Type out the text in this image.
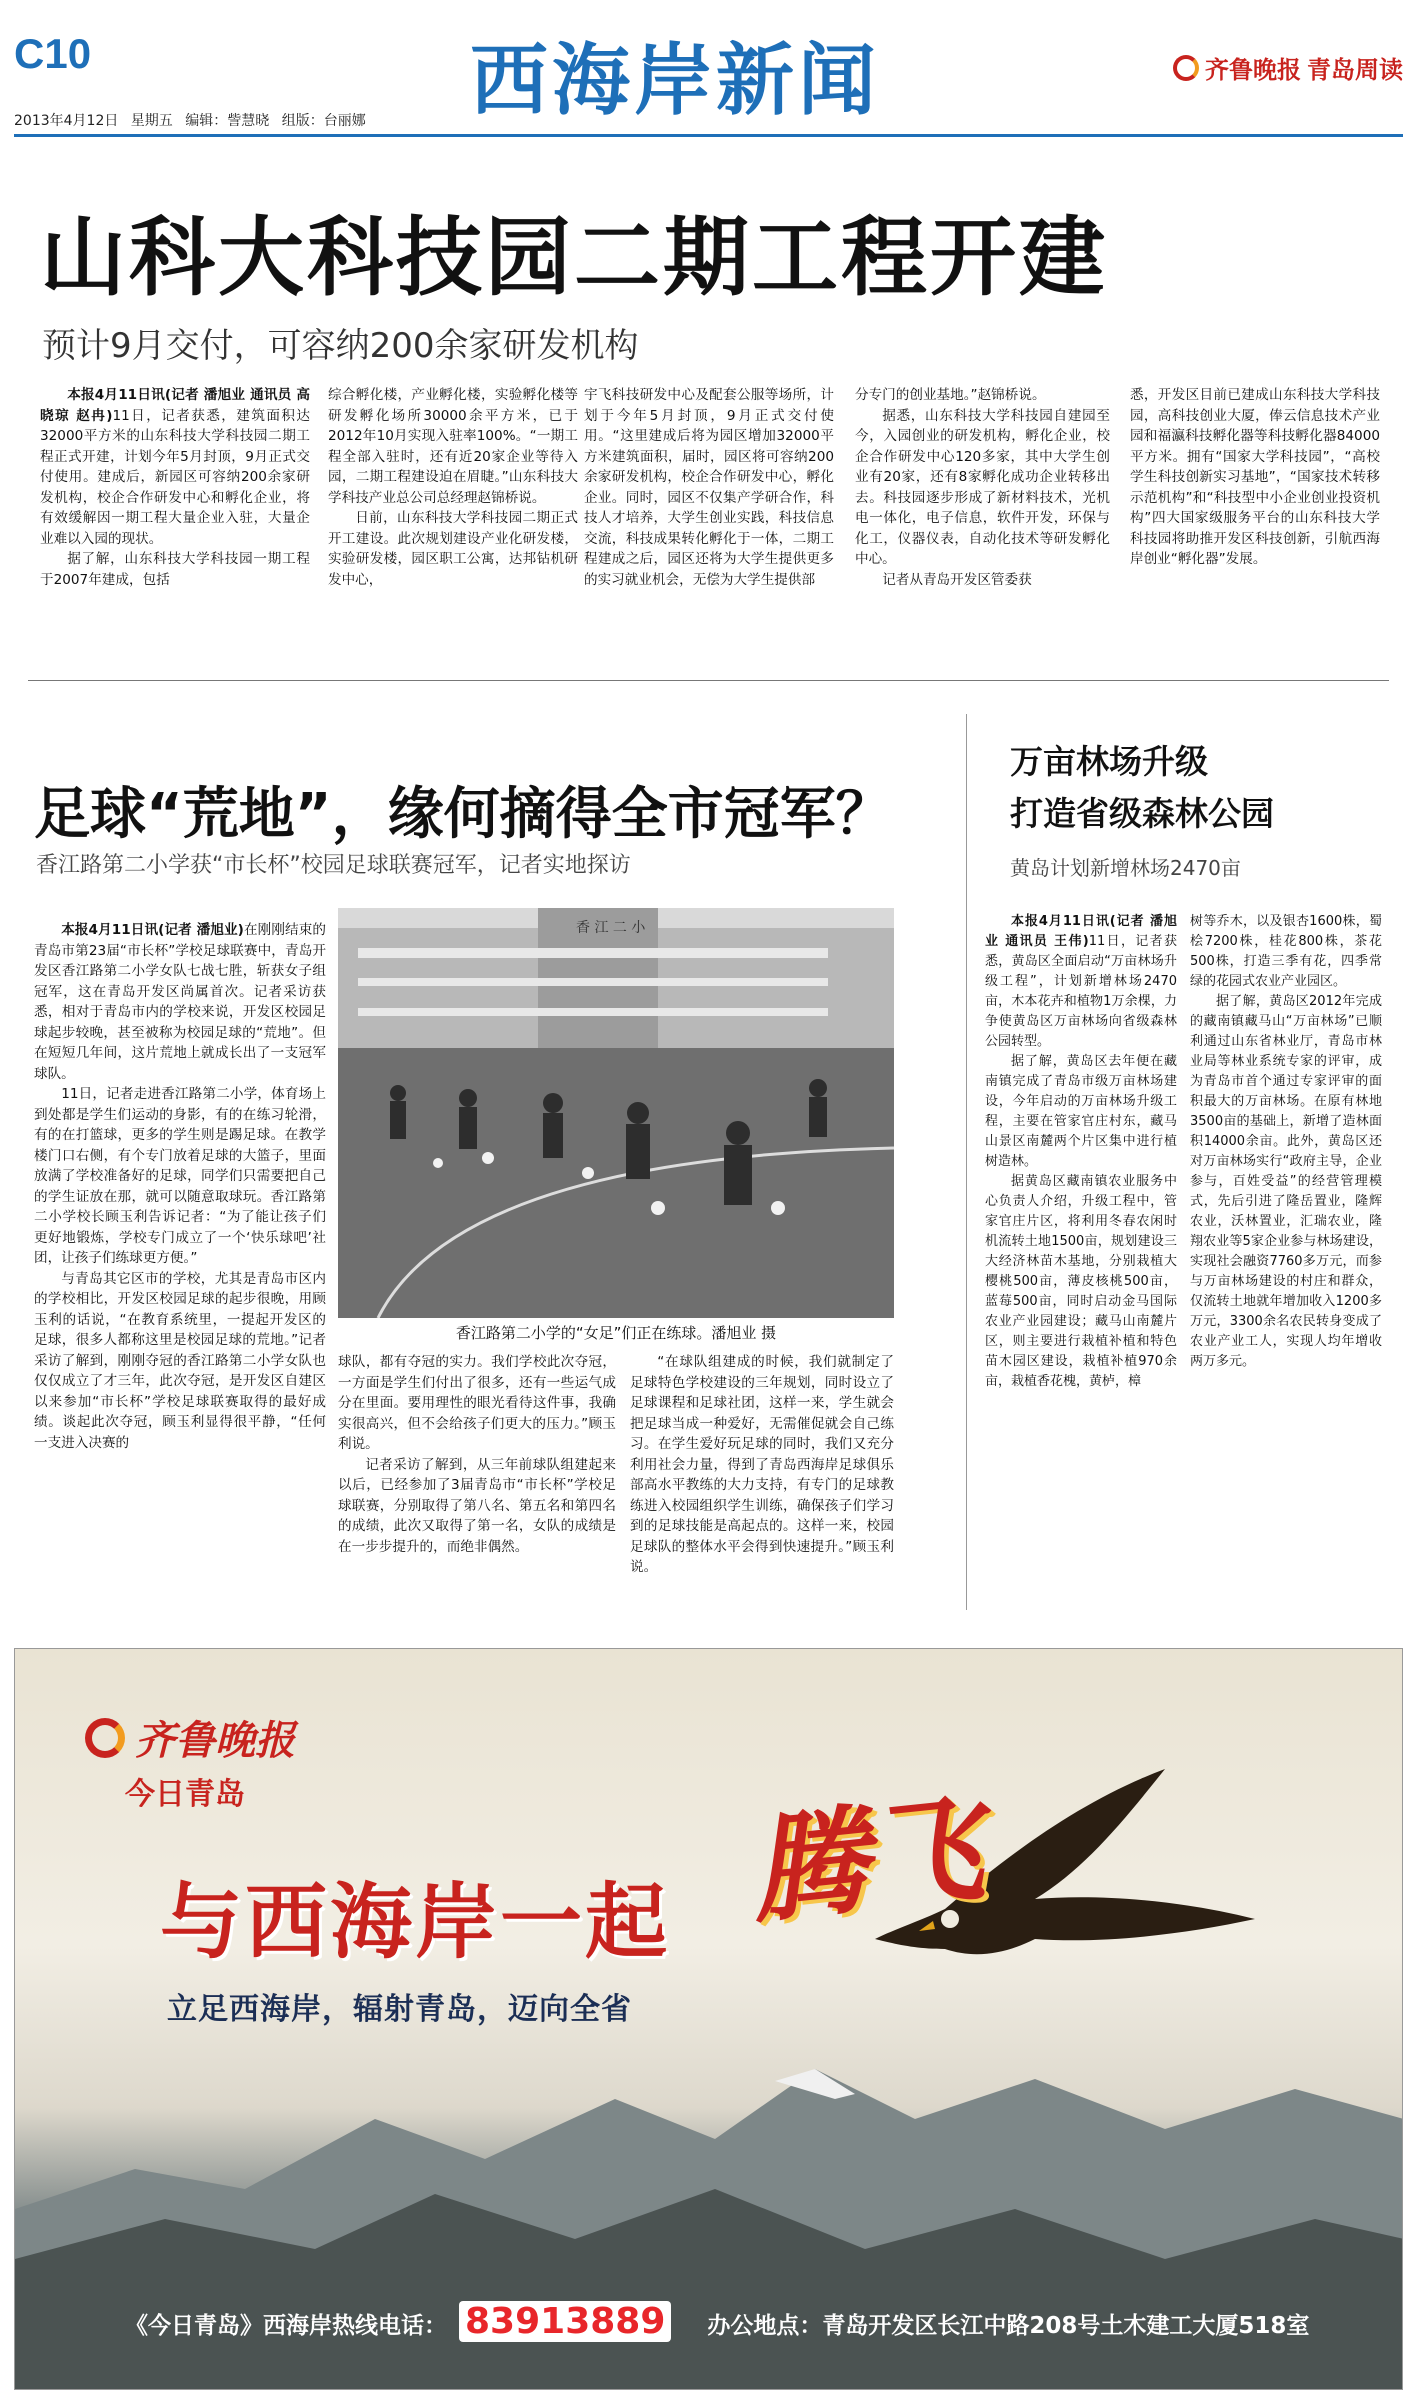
C10	西海岸新闻	齐鲁晚报 青岛周读
2013年4月12日 星期五 编辑：訾慧晓 组版：台丽娜
山科大科技园二期工程开建
预计9月交付，可容纳200余家研发机构

本报4月11日讯(记者 潘旭业 通讯员 高晓琼 赵冉)11日，记者获悉，建筑面积达32000平方米的山东科技大学科技园二期工程正式开建，计划今年5月封顶，9月正式交付使用。建成后，新园区可容纳200余家研发机构，校企合作研发中心和孵化企业，将有效缓解因一期工程大量企业入驻，大量企业难以入园的现状。

据了解，山东科技大学科技园一期工程于2007年建成，包括

综合孵化楼，产业孵化楼，实验孵化楼等研发孵化场所30000余平方米，已于2012年10月实现入驻率100%。“一期工程全部入驻时，还有近20家企业等待入园，二期工程建设迫在眉睫。”山东科技大学科技产业总公司总经理赵锦桥说。

日前，山东科技大学科技园二期正式开工建设。此次规划建设产业化研发楼，实验研发楼，园区职工公寓，达邦钻机研发中心，

宇飞科技研发中心及配套公服等场所，计划于今年5月封顶，9月正式交付使用。“这里建成后将为园区增加32000平方米建筑面积，届时，园区将可容纳200余家研发机构，校企合作研发中心，孵化企业。同时，园区不仅集产学研合作，科技人才培养，大学生创业实践，科技信息交流，科技成果转化孵化于一体，二期工程建成之后，园区还将为大学生提供更多的实习就业机会，无偿为大学生提供部

分专门的创业基地。”赵锦桥说。

据悉，山东科技大学科技园自建园至今，入园创业的研发机构，孵化企业，校企合作研发中心120多家，其中大学生创业有20家，还有8家孵化成功企业转移出去。科技园逐步形成了新材料技术，光机电一体化，电子信息，软件开发，环保与化工，仪器仪表，自动化技术等研发孵化中心。

记者从青岛开发区管委获

悉，开发区目前已建成山东科技大学科技园，高科技创业大厦，俸云信息技术产业园和福瀛科技孵化器等科技孵化器84000平方米。拥有“国家大学科技园”，“高校学生科技创新实习基地”，“国家技术转移示范机构”和“科技型中小企业创业投资机构”四大国家级服务平台的山东科技大学科技园将助推开发区科技创新，引航西海岸创业“孵化器”发展。

足球“荒地”，缘何摘得全市冠军？
香江路第二小学获“市长杯”校园足球联赛冠军，记者实地探访

本报4月11日讯(记者 潘旭业)在刚刚结束的青岛市第23届“市长杯”学校足球联赛中，青岛开发区香江路第二小学女队七战七胜，斩获女子组冠军，这在青岛开发区尚属首次。记者采访获悉，相对于青岛市内的学校来说，开发区校园足球起步较晚，甚至被称为校园足球的“荒地”。但在短短几年间，这片荒地上就成长出了一支冠军球队。

11日，记者走进香江路第二小学，体育场上到处都是学生们运动的身影，有的在练习轮滑，有的在打篮球，更多的学生则是踢足球。在教学楼门口右侧，有个专门放着足球的大篮子，里面放满了学校准备好的足球，同学们只需要把自己的学生证放在那，就可以随意取球玩。香江路第二小学校长顾玉利告诉记者：“为了能让孩子们更好地锻炼，学校专门成立了一个‘快乐球吧’社团，让孩子们练球更方便。”

与青岛其它区市的学校，尤其是青岛市区内的学校相比，开发区校园足球的起步很晚，用顾玉利的话说，“在教育系统里，一提起开发区的足球，很多人都称这里是校园足球的荒地。”记者采访了解到，刚刚夺冠的香江路第二小学女队也仅仅成立了才三年，此次夺冠，是开发区自建区以来参加“市长杯”学校足球联赛取得的最好成绩。谈起此次夺冠，顾玉利显得很平静，“任何一支进入决赛的

香 江 二 小
香江路第二小学的“女足”们正在练球。潘旭业 摄

球队，都有夺冠的实力。我们学校此次夺冠，一方面是学生们付出了很多，还有一些运气成分在里面。要用理性的眼光看待这件事，我确实很高兴，但不会给孩子们更大的压力。”顾玉利说。

记者采访了解到，从三年前球队组建起来以后，已经参加了3届青岛市“市长杯”学校足球联赛，分别取得了第八名、第五名和第四名的成绩，此次又取得了第一名，女队的成绩是在一步步提升的，而绝非偶然。

“在球队组建成的时候，我们就制定了足球特色学校建设的三年规划，同时设立了足球课程和足球社团，这样一来，学生就会把足球当成一种爱好，无需催促就会自己练习。在学生爱好玩足球的同时，我们又充分利用社会力量，得到了青岛西海岸足球俱乐部高水平教练的大力支持，有专门的足球教练进入校园组织学生训练，确保孩子们学习到的足球技能是高起点的。这样一来，校园足球队的整体水平会得到快速提升。”顾玉利说。

万亩林场升级
打造省级森林公园
黄岛计划新增林场2470亩

本报4月11日讯(记者 潘旭业 通讯员 王伟)11日，记者获悉，黄岛区全面启动“万亩林场升级工程”，计划新增林场2470亩，木本花卉和植物1万余棵，力争使黄岛区万亩林场向省级森林公园转型。

据了解，黄岛区去年便在藏南镇完成了青岛市级万亩林场建设，今年启动的万亩林场升级工程，主要在管家官庄村东，藏马山景区南麓两个片区集中进行植树造林。

据黄岛区藏南镇农业服务中心负责人介绍，升级工程中，管家官庄片区，将利用冬春农闲时机流转土地1500亩，规划建设三大经济林苗木基地，分别栽植大樱桃500亩，薄皮核桃500亩，蓝莓500亩，同时启动金马国际农业产业园建设；藏马山南麓片区，则主要进行栽植补植和特色苗木园区建设，栽植补植970余亩，栽植香花槐，黄栌，樟

树等乔木，以及银杏1600株，蜀桧7200株，桂花800株，茶花500株，打造三季有花，四季常绿的花园式农业产业园区。

据了解，黄岛区2012年完成的藏南镇藏马山“万亩林场”已顺利通过山东省林业厅，青岛市林业局等林业系统专家的评审，成为青岛市首个通过专家评审的面积最大的万亩林场。在原有林地3500亩的基础上，新增了造林面积14000余亩。此外，黄岛区还对万亩林场实行“政府主导，企业参与，百姓受益”的经营管理模式，先后引进了隆岳置业，隆辉农业，沃林置业，汇瑞农业，隆翔农业等5家企业参与林场建设，实现社会融资7760多万元，而参与万亩林场建设的村庄和群众，仅流转土地就年增加收入1200多万元，3300余名农民转身变成了农业产业工人，实现人均年增收两万多元。

齐鲁晚报
今日青岛
与西海岸一起 腾飞
立足西海岸，辐射青岛，迈向全省
《今日青岛》西海岸热线电话： 83913889 办公地点：青岛开发区长江中路208号土木建工大厦518室
